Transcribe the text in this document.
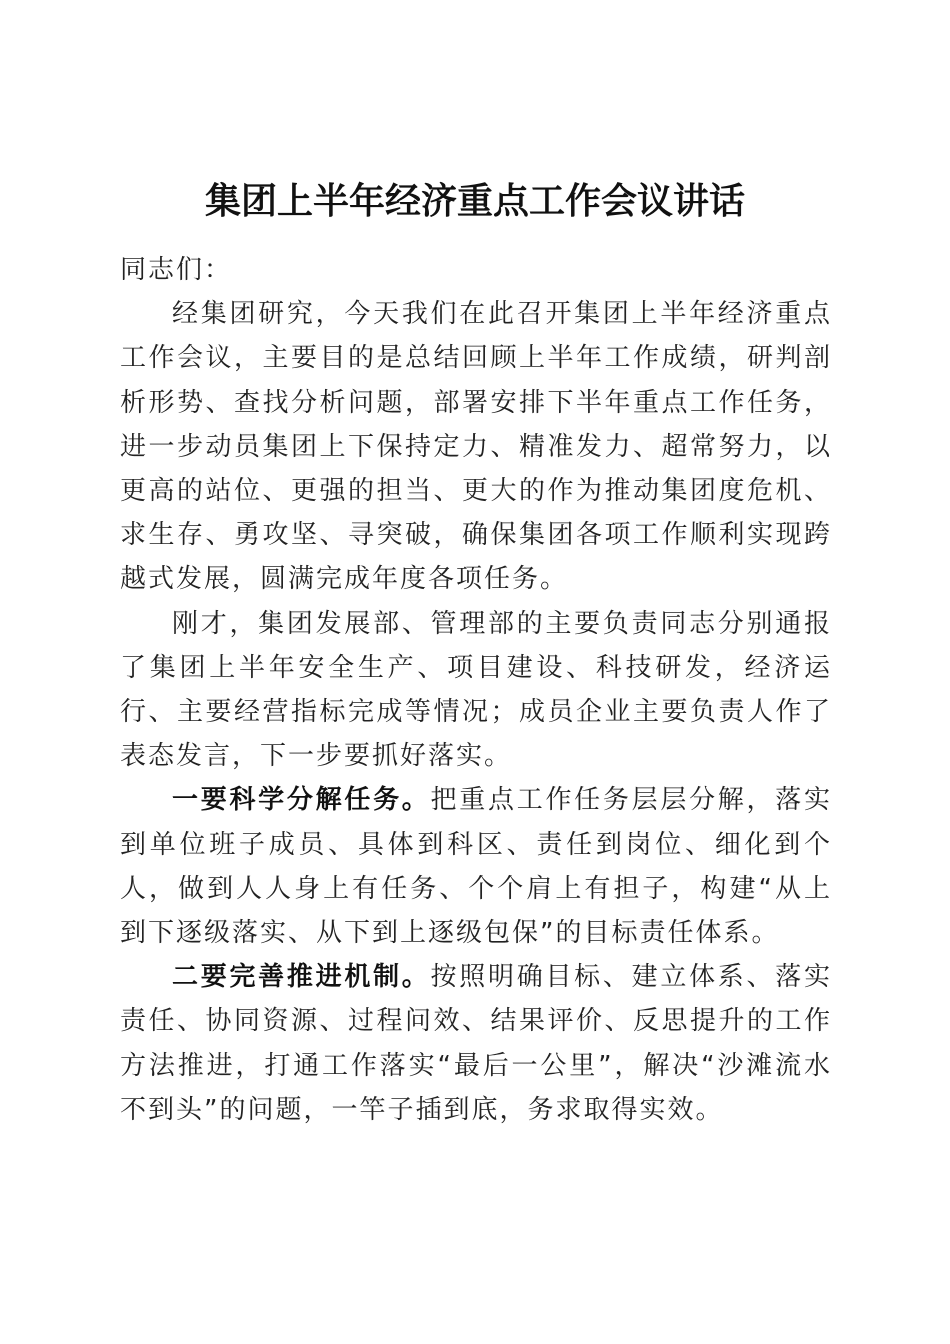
集团上半年经济重点工作会议讲话

同志们：

经集团研究，今天我们在此召开集团上半年经济重点工作会议，主要目的是总结回顾上半年工作成绩，研判剖析形势、查找分析问题，部署安排下半年重点工作任务，进一步动员集团上下保持定力、精准发力、超常努力，以更高的站位、更强的担当、更大的作为推动集团度危机、求生存、勇攻坚、寻突破，确保集团各项工作顺利实现跨越式发展，圆满完成年度各项任务。

刚才，集团发展部、管理部的主要负责同志分别通报了集团上半年安全生产、项目建设、科技研发，经济运行、主要经营指标完成等情况；成员企业主要负责人作了表态发言，下一步要抓好落实。

一要科学分解任务。把重点工作任务层层分解，落实到单位班子成员、具体到科区、责任到岗位、细化到个人，做到人人身上有任务、个个肩上有担子，构建“从上到下逐级落实、从下到上逐级包保”的目标责任体系。

二要完善推进机制。按照明确目标、建立体系、落实责任、协同资源、过程问效、结果评价、反思提升的工作方法推进，打通工作落实“最后一公里”，解决“沙滩流水不到头”的问题，一竿子插到底，务求取得实效。
